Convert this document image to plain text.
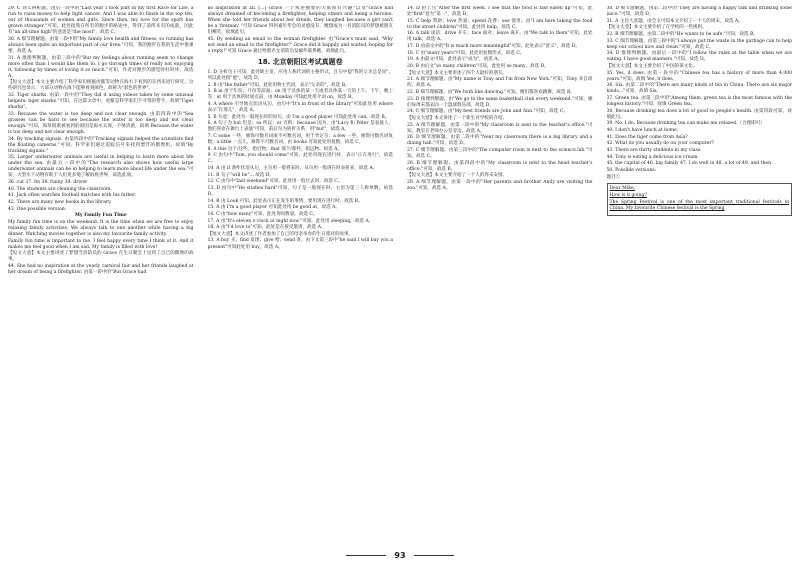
29. C 词义辨析题。由后一段中的"Last year I took part in my first Race for Life, a run to raise money to help fight cancer. And I was able to finish in the top ten, out of thousands of women and girls. Since then, my love for the sport has grown stronger."可知，此处指我在所有的跑步的路途中，得到了前所未有的成就，因此有"an all-time high"的意思是"the most"，故选 C。
30. A 细节理解题。由第一段中的"My family love health and fitness, so running has always been quite an important part of our lives."可知，我的跑步在我的生活中很重要，故选 A。
31. A 推理判断题。由第三段中的"But my feelings about running seem to change more often than I would like them to. I go through times of really not enjoying it, following by times of loving it so much."可知，作者对跑步的感觉时好时坏，故选 A。
【短文大意】本文主要介绍了科学家们根据虎鲨等动物在海水下看到的东西来进行研究，这些研究也显示，大部分动物在海下能够看到颜色，故称为"彩色的世界"。
32. Tiger sharks. 由第一段中的"They did it using videos taken by some unusual helpers: tiger sharks."可知，在这篇文章中，虎鲨是科学家们不寻常的帮手，故填"Tiger sharks"。
33. Because the water is too deep and not clear enough. 由第四段中的"Sea grasses can be hard to see because the water is too deep and not clear enough."可知，海草很难被看到的原因是海水太深，不够清澈，故填 Because the water is too deep and not clear enough.
34. By tracking signals. 由第四段中的"Tracking signals helped the scientists find the floating cameras."可知，科学家们通过追踪信号来找到漂浮的摄像机，故填"By tracking signals."
35. Larger underwater animals are useful in helping to learn more about life under the sea. 由最后一段中的"The research also shows how useful large underwater animals can be in helping to learn more about life under the sea."可知，大型水下动物有助于人们更多地了解海底世界，故选此项。
36. cut 37. fin 38. funny 39. driver
40. The students are cleaning the classroom.
41. Jack often watches football matches with his father.
42. There are many new books in the library.
43. One possible version:
My Family Fun Time
My family fun time is on the weekend. It is the time when we are free to enjoy relaxing family activities. We always talk to one another while having a big dinner. Watching movies together is also my favourite family activity.
Family fun time is important to me. I feel happy every time I think of it. And it makes me feel good when I am sad. My family is filled with love!
【短文大意】本文主要讲述了梦想当消防员的 Grace 在生日聚会上见到了自己的偶像的故事。
44. She had no inspiration at the yearly carnival fair and her friends laughed at her dream of being a firefighter. 由第一段中的"But Grace had
no inspiration at all. [...] Grace 一个叛逆抽象的大都很有兴趣"以及"Grace had always dreamed of becoming a firefighter, helping others and being a heroine. When she told her friends about her dream, they laughed because a girl can't be a 'fireman'."可知 Grace 得到嘉年华会的灵感没有，她想成为一名消防员的梦想被朋友们嘲笑，故填此句。
45. By sending an email to the woman firefighter. 由"Grace's mum said, 'Why not send an email to the firefighter?' Grace did it happily and waited, hoping for a reply!"可知 Grace 通过给那名女消防员发邮件联系她，故填此句。
18. 北京朝阳区考试真题卷
1. D 分析句子可知，此处缺主语，应用人称代词的主格形式，且句中提"我的父亲总是说"，所以此处指"他"，故选 D。
2. B 由"the father"可知，此处用物主代词，表示"父亲的"，故选 B。
3. B in 用于年份、月份等前面；on 用于具体的某一天或者具体某一天的上午、下午、晚上等；at 用于具体的时间点前。由 Monday 可知此处用介词 on，故选 B。
4. A where 引导地点状语从句，由句中"It's in front of the library"可知此处用 where 表示"在那儿"，故选 A。
5. B 句意：此处为一般现在时的问句，由 I'm a good player 可知此处用 can，故选 B。
6. A 句子为 but 但是；so 所以；or 否则；because 因为，由"Lucy 和 Peter 是表演人，他们喜欢在舞台上表演"可知，前后句为转折关系，用"but"，故选 A。
7. C some 一些，修饰可数名词或不可数名词，用于肯定句；a few 一些，修饰可数名词复数；a little 一点儿，修饰不可数名词。由 books 可知此处用复数，故选 C。
8. A this 这个/这些，指近物；that 那个/那些，指远物。故选 A。
9. C 由句中"Tom, you should come"可知，此处用现在进行时，表示"正在进行"，故选 C。
10. A 由 if 条件状语从句，主句用一般将来时，从句用一般现在时表将来，故选 A。
11. B 句子"will be"... 故选 B。
12. C 由句中"last weekend"可知，此处用一般过去时，故选 C。
13. D 由句中"He studies hard"可知，句子是一般现在时，主语为第三人称单数，故选 D。
14. B 由 Look 可知，此处表示正在发生的事情，要用现在进行时，故选 B。
15. A 由 I'm a good player 可知此处用 be good at，故选 A。
16. C 由"how many"可知，此处询问数量，故选 C。
17. A 由"It's eleven o'clock at night now."可知，此处用 sleeping，故选 A。
18. A 由"I'd love to"可知，此处是在接受邀请，故选 A。
【短文大意】本文讲述了作者参加了自己的母亲举办的生日派对的故事。
13. A buy 买；find 发现；give 给；send 寄。由下文第三段中"he said I will buy you a present"可知此处用 buy，故选 A。
14. D 由上句"After the first week, I see that the food is fast eaten up"可知，此处"first"意为"第一"，故选 D。
15. C help 帮助；love 热爱；spend 花费；use 使用。由"I am here taking the food to the street children"可知，此处用 help，故选 C。
16. A talk 谈话；drive 开车；face 面对；leave 离开。由"We talk to them"可知，此处用 talk，故选 A。
17. D 由前文中的"It is much more meaningful"可知，此处表示"意义"，故选 D。
18. C 由"many years"可知，此处用复数形式，故选 C。
19. A 由前文可知，此处表示"成为"，故选 A。
20. B 由后文"so many children"可知，此处用 so many，故选 B。
【短文大意】本文主要讲述了四个人最好的朋友。
21. A 细节理解题。由"My name is Tony and I'm from New York."可知，Tony 来自纽约，故选 A。
22. B 细节理解题。由"We both like dancing."可知，她们都喜欢跳舞，故选 B。
23. D 推理判断题。由"We go to the same basketball club every weekend."可知，她们每周末都去同一个篮球俱乐部，故选 D。
24. C 细节理解题。由"My best friends are John and Ann."可知，故选 C。
【短文大意】本文讲述了一个新生对学校的介绍。
25. A 细节理解题。由第一段中的"My classroom is next to the teacher's office."可知，教室在老师办公室旁边，故选 A。
26. D 细节理解题。由第二段中的"Near my classroom there is a big library and a dining hall."可知，故选 D。
27. C 细节理解题。由第三段中的"The computer room is next to the science lab."可知，故选 C。
28. B 细节理解题。由第四段中的"My classroom is next to the head teacher's office."可知，故选 B。
【短文大意】本文主要介绍了一个人的周末安排。
29. A 细节理解题。由第一段中的"Her parents and brother Andy are visiting the zoo."可知，故选 A。
30. D 细节理解题。由第二段中的"They are having a happy talk and drinking some juice."可知，故选 D。
31. A 主旨大意题。由全文可知本文介绍了一个人的周末，故选 A。
【短文大意】本文主要介绍了在学校的一些规则。
32. B 细节理解题。由第二段中的"He wants to be safe."可知，故选 B。
33. C 细节理解题。由第三段中的"I always put the waste in the garbage can to help keep our school nice and clean."可知，故选 C。
34. D 推理判断题。由最后一段中的"I follow the rules at the table when we are eating. I have good manners."可知，故选 D。
【短文大意】本文主要介绍了中国的茶文化。
35. Yes, it does. 由第一段中的"Chinese tea has a history of more than 4,000 years."可知，故填 Yes, it does。
36. Six. 由第二段中的"There are many kinds of tea in China. There are six major kinds..."可知，故填 Six。
37. Green tea. 由第三段中的"Among them, green tea is the most famous with the longest history."可知，故填 Green tea。
38. Because drinking tea does a lot of good to people's health. 由第四段可知，故填此句。
39. No, I do. Because drinking tea can make me relaxed.（合理即可）
40. I don't have lunch at home.
41. Does the tiger come from Asia?
42. What do you usually do on your computer?
43. There are thirty students in my class.
44. Tony is eating a delicious ice cream.
45. the capital of 46. big family 47. I do well in 48. a lot of 49. and then
50. Possible versions:
题目①
Dear Mike,
How is it going?
The Spring Festival is one of the most important traditional festivals in China. My favourite Chinese festival is the Spring
93
